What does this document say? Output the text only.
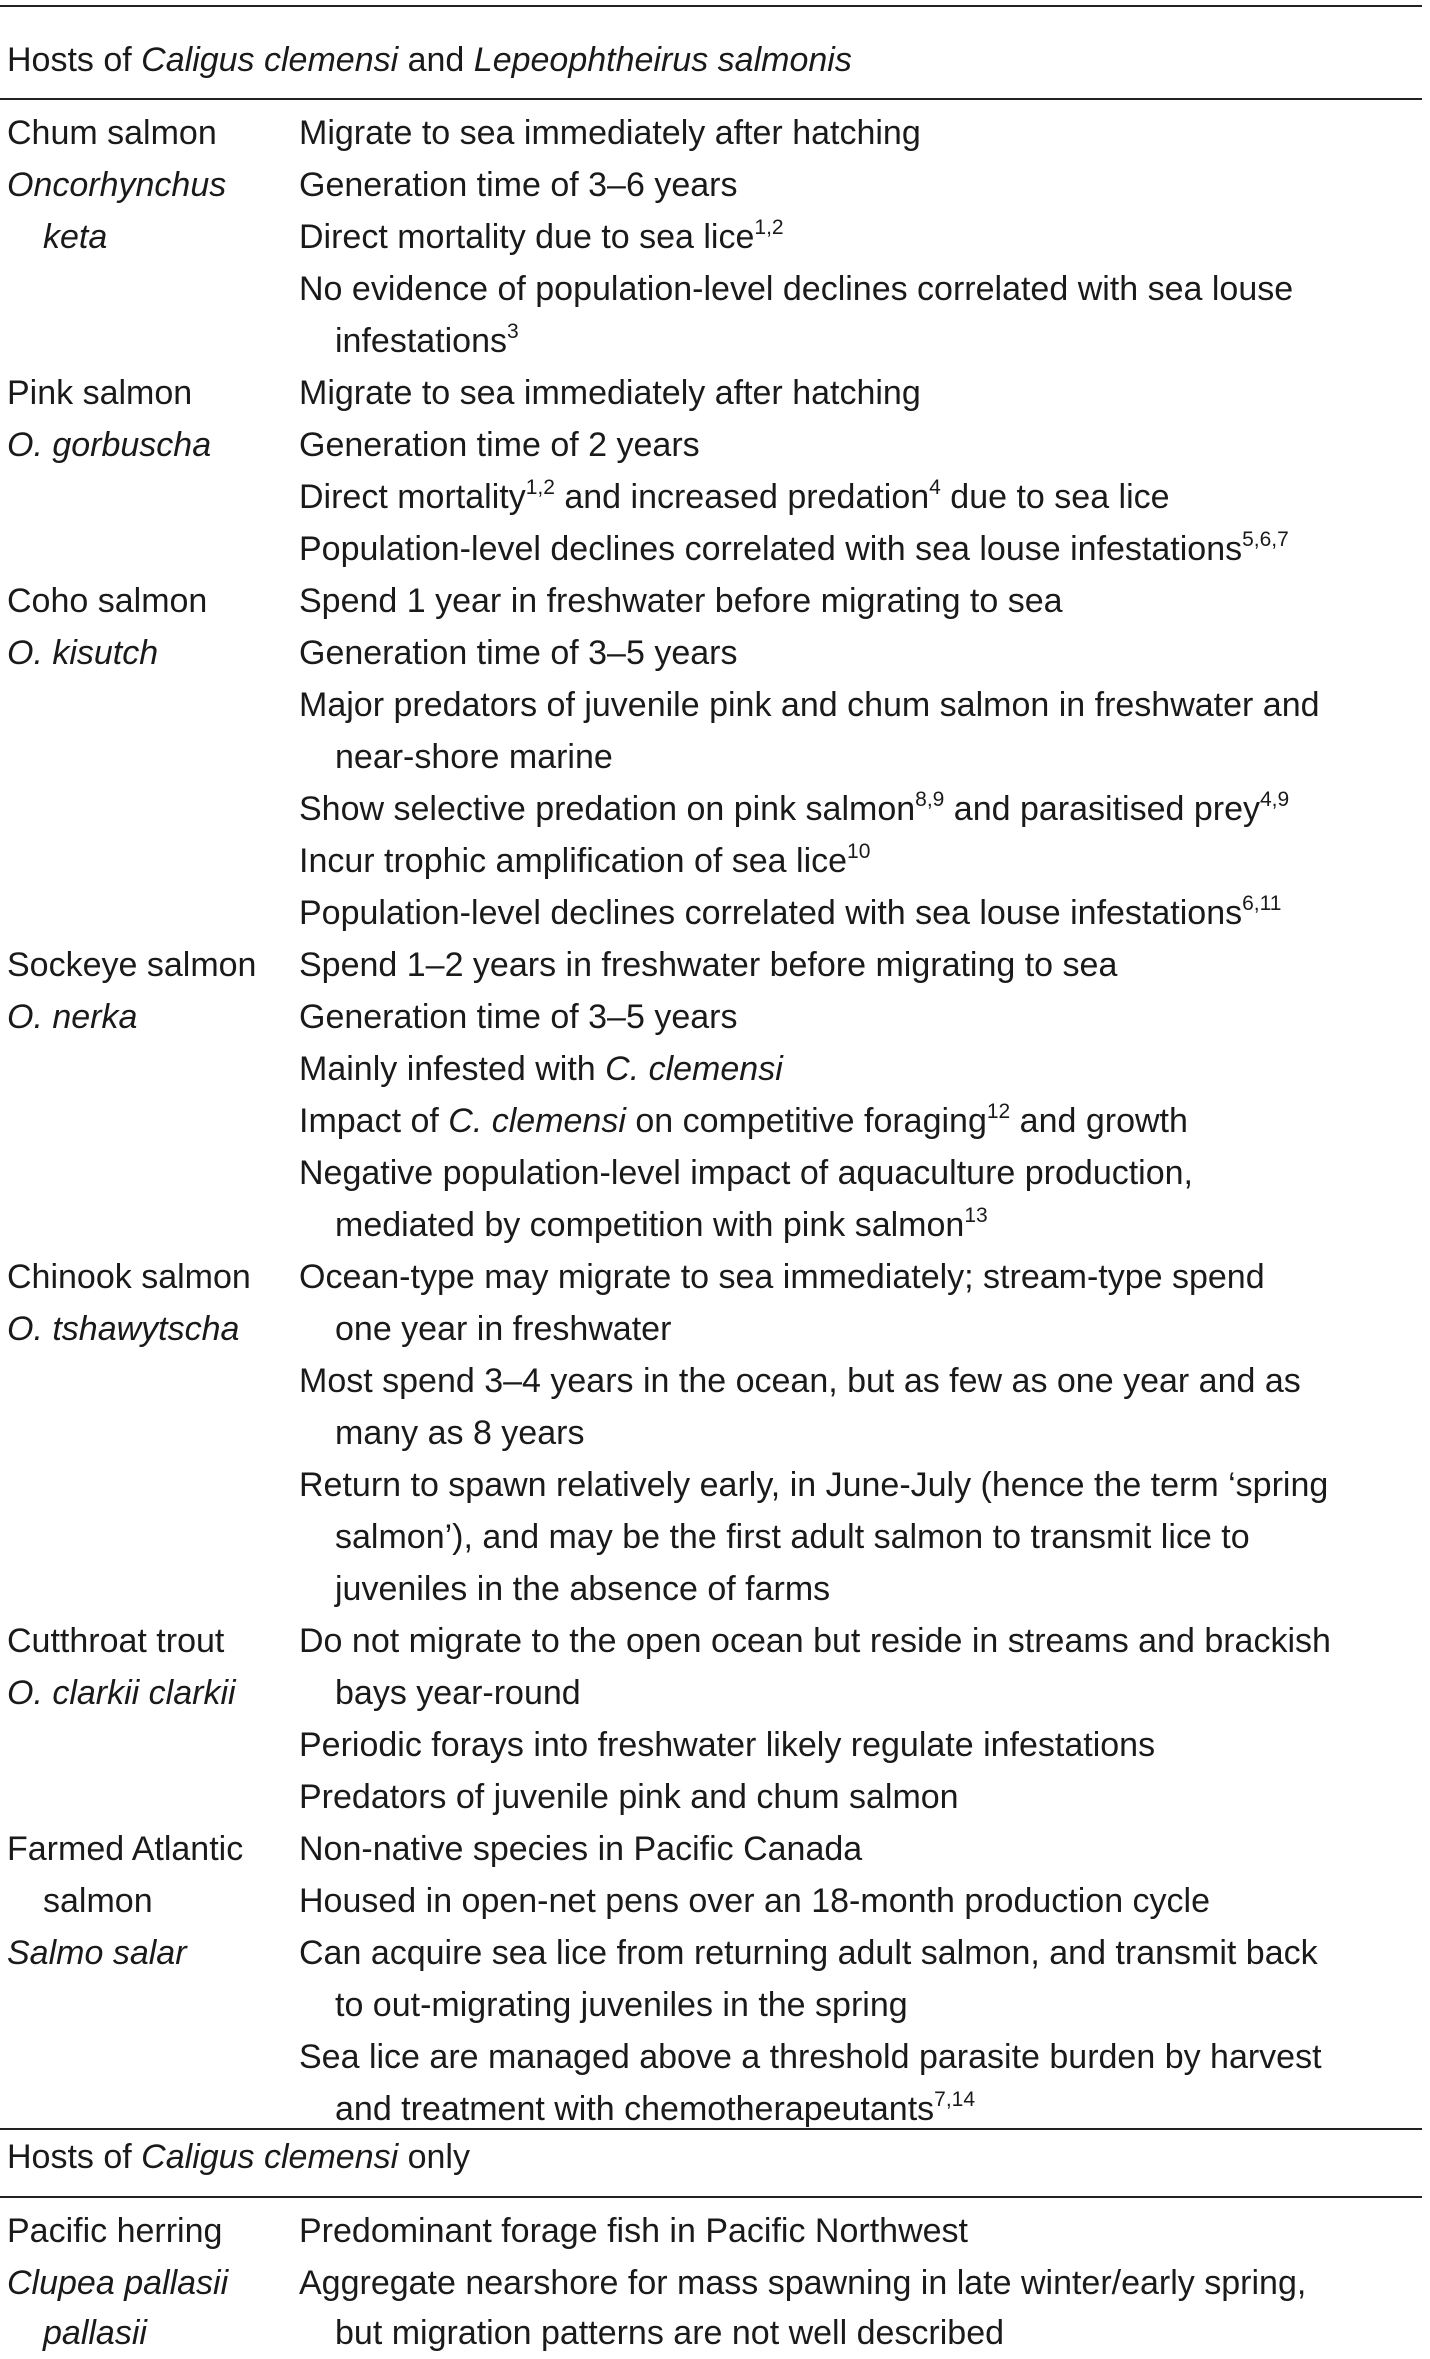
Hosts of Caligus clemensi and Lepeophtheirus salmonis
Chum salmon
Oncorhynchus
keta
Migrate to sea immediately after hatching
Generation time of 3–6 years
Direct mortality due to sea lice$^{1,2}$
No evidence of population-level declines correlated with sea louse
infestations$^3$
Pink salmon
O. gorbuscha
Migrate to sea immediately after hatching
Generation time of 2 years
Direct mortality$^{1,2}$ and increased predation$^4$ due to sea lice
Population-level declines correlated with sea louse infestations$^{5,6,7}$
Coho salmon
O. kisutch
Spend 1 year in freshwater before migrating to sea
Generation time of 3–5 years
Major predators of juvenile pink and chum salmon in freshwater and
near-shore marine
Show selective predation on pink salmon$^{8,9}$ and parasitised prey$^{4,9}$
Incur trophic amplification of sea lice$^{10}$
Population-level declines correlated with sea louse infestations$^{6,11}$
Sockeye salmon
O. nerka
Spend 1–2 years in freshwater before migrating to sea
Generation time of 3–5 years
Mainly infested with C. clemensi
Impact of C. clemensi on competitive foraging$^{12}$ and growth
Negative population-level impact of aquaculture production,
mediated by competition with pink salmon$^{13}$
Chinook salmon
O. tshawytscha
Ocean-type may migrate to sea immediately; stream-type spend
one year in freshwater
Most spend 3–4 years in the ocean, but as few as one year and as
many as 8 years
Return to spawn relatively early, in June-July (hence the term ‘spring
salmon’), and may be the first adult salmon to transmit lice to
juveniles in the absence of farms
Cutthroat trout
O. clarkii clarkii
Do not migrate to the open ocean but reside in streams and brackish
bays year-round
Periodic forays into freshwater likely regulate infestations
Predators of juvenile pink and chum salmon
Farmed Atlantic
salmon
Salmo salar
Non-native species in Pacific Canada
Housed in open-net pens over an 18-month production cycle
Can acquire sea lice from returning adult salmon, and transmit back
to out-migrating juveniles in the spring
Sea lice are managed above a threshold parasite burden by harvest
and treatment with chemotherapeutants$^{7,14}$
Hosts of Caligus clemensi only
Pacific herring
Clupea pallasii
pallasii
Predominant forage fish in Pacific Northwest
Aggregate nearshore for mass spawning in late winter/early spring,
but migration patterns are not well described
